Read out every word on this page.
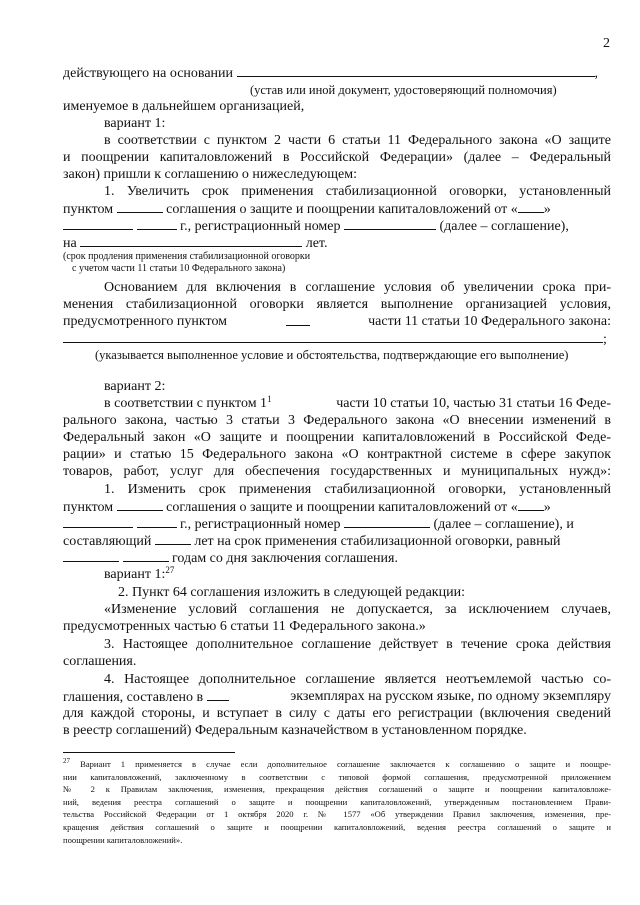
2
действующего на основании	,
(устав или иной документ, удостоверяющий полномочия)
именуемое в дальнейшем организацией,
вариант 1:
в соответствии с пунктом 2 части 6 статьи 11 Федерального закона «О защите
и поощрении капиталовложений в Российской Федерации» (далее – Федеральный
закон) пришли к соглашению о нижеследующем:
1. Увеличить срок применения стабилизационной оговорки, установленный
пунктом	соглашения о защите и поощрении капиталовложений от « »
г., регистрационный номер	(далее – соглашение),
на	лет.
(срок продления применения стабилизационной оговорки
с учетом части 11 статьи 10 Федерального закона)
Основанием для включения в соглашение условия об увеличении срока при-
менения стабилизационной оговорки является выполнение организацией условия,
предусмотренного пунктом	части 11 статьи 10 Федерального закона:
;
(указывается выполненное условие и обстоятельства, подтверждающие его выполнение)
вариант 2:
в соответствии с пунктом $1^1$	части 10 статьи 10, частью 31 статьи 16 Феде-
рального закона, частью 3 статьи 3 Федерального закона «О внесении изменений в
Федеральный закон «О защите и поощрении капиталовложений в Российской Феде-
рации» и статью 15 Федерального закона «О контрактной системе в сфере закупок
товаров, работ, услуг для обеспечения государственных и муниципальных нужд»:
1. Изменить срок применения стабилизационной оговорки, установленный
пунктом	соглашения о защите и поощрении капиталовложений от « »
г., регистрационный номер	(далее – соглашение), и
составляющий	лет на срок применения стабилизационной оговорки, равный
годам со дня заключения соглашения.
вариант 1:$^{27}$
2. Пункт 64 соглашения изложить в следующей редакции:
«Изменение условий соглашения не допускается, за исключением случаев,
предусмотренных частью 6 статьи 11 Федерального закона.»
3. Настоящее дополнительное соглашение действует в течение срока действия
соглашения.
4. Настоящее дополнительное соглашение является неотъемлемой частью со-
глашения, составлено в	экземплярах на русском языке, по одному экземпляру
для каждой стороны, и вступает в силу с даты его регистрации (включения сведений
в реестр соглашений) Федеральным казначейством в установленном порядке.
$^{27}$ Вариант 1 применяется в случае если дополнительное соглашение заключается к соглашению о защите и поощре-
нии капиталовложений, заключенному в соответствии с типовой формой соглашения, предусмотренной приложением
№ 2 к Правилам заключения, изменения, прекращения действия соглашений о защите и поощрении капиталовложе-
ний, ведения реестра соглашений о защите и поощрении капиталовложений, утвержденным постановлением Прави-
тельства Российской Федерации от 1 октября 2020 г. № 1577 «Об утверждении Правил заключения, изменения, пре-
кращения действия соглашений о защите и поощрении капиталовложений, ведения реестра соглашений о защите и
поощрении капиталовложений».
